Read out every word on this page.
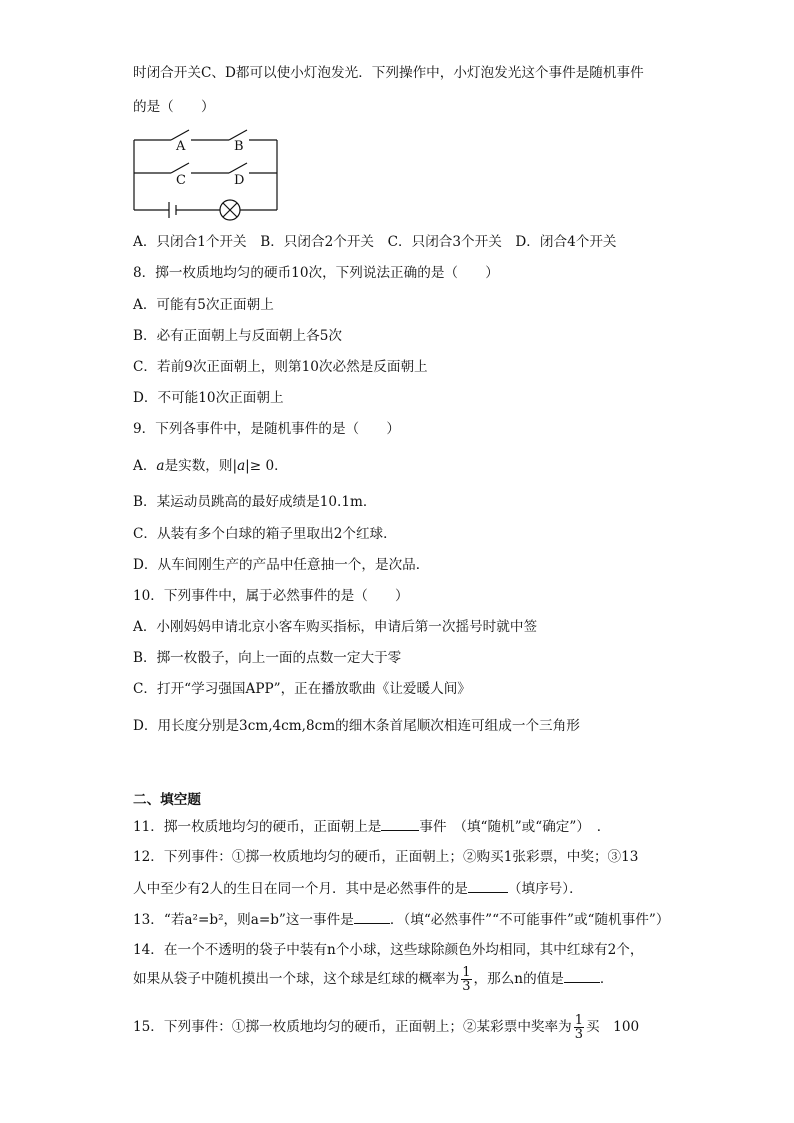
时闭合开关C、D都可以使小灯泡发光．下列操作中，小灯泡发光这个事件是随机事件
的是（　　）
A	B
C	D
A．只闭合1个开关　B．只闭合2个开关　C．只闭合3个开关　D．闭合4个开关
8．掷一枚质地均匀的硬币10次，下列说法正确的是（　　）
A．可能有5次正面朝上
B．必有正面朝上与反面朝上各5次
C．若前9次正面朝上，则第10次必然是反面朝上
D．不可能10次正面朝上
9．下列各事件中，是随机事件的是（　　）
A．a是实数，则|a|≥ 0．
B．某运动员跳高的最好成绩是10.1m．
C．从装有多个白球的箱子里取出2个红球．
D．从车间刚生产的产品中任意抽一个，是次品．
10．下列事件中，属于必然事件的是（　　）
A．小刚妈妈申请北京小客车购买指标，申请后第一次摇号时就中签
B．掷一枚骰子，向上一面的点数一定大于零
C．打开“学习强国APP”，正在播放歌曲《让爱暖人间》
D．用长度分别是3cm,4cm,8cm的细木条首尾顺次相连可组成一个三角形
二、填空题
11．掷一枚质地均匀的硬币，正面朝上是	事件　（填“随机”或“确定”）　．
12．下列事件：①掷一枚质地均匀的硬币，正面朝上；②购买1张彩票，中奖；③13
人中至少有2人的生日在同一个月．其中是必然事件的是	（填序号）．
13．“若a²=b²，则a=b”这一事件是	．（填“必然事件”“不可能事件”或“随机事件”）
14．在一个不透明的袋子中装有n个小球，这些球除颜色外均相同，其中红球有2个，
如果从袋子中随机摸出一个球，这个球是红球的概率为 $\frac{1}{3}$ ，那么n的值是	．
15．下列事件：①掷一枚质地均匀的硬币，正面朝上；②某彩票中奖率为 $\frac{1}{3}$ 买　100
